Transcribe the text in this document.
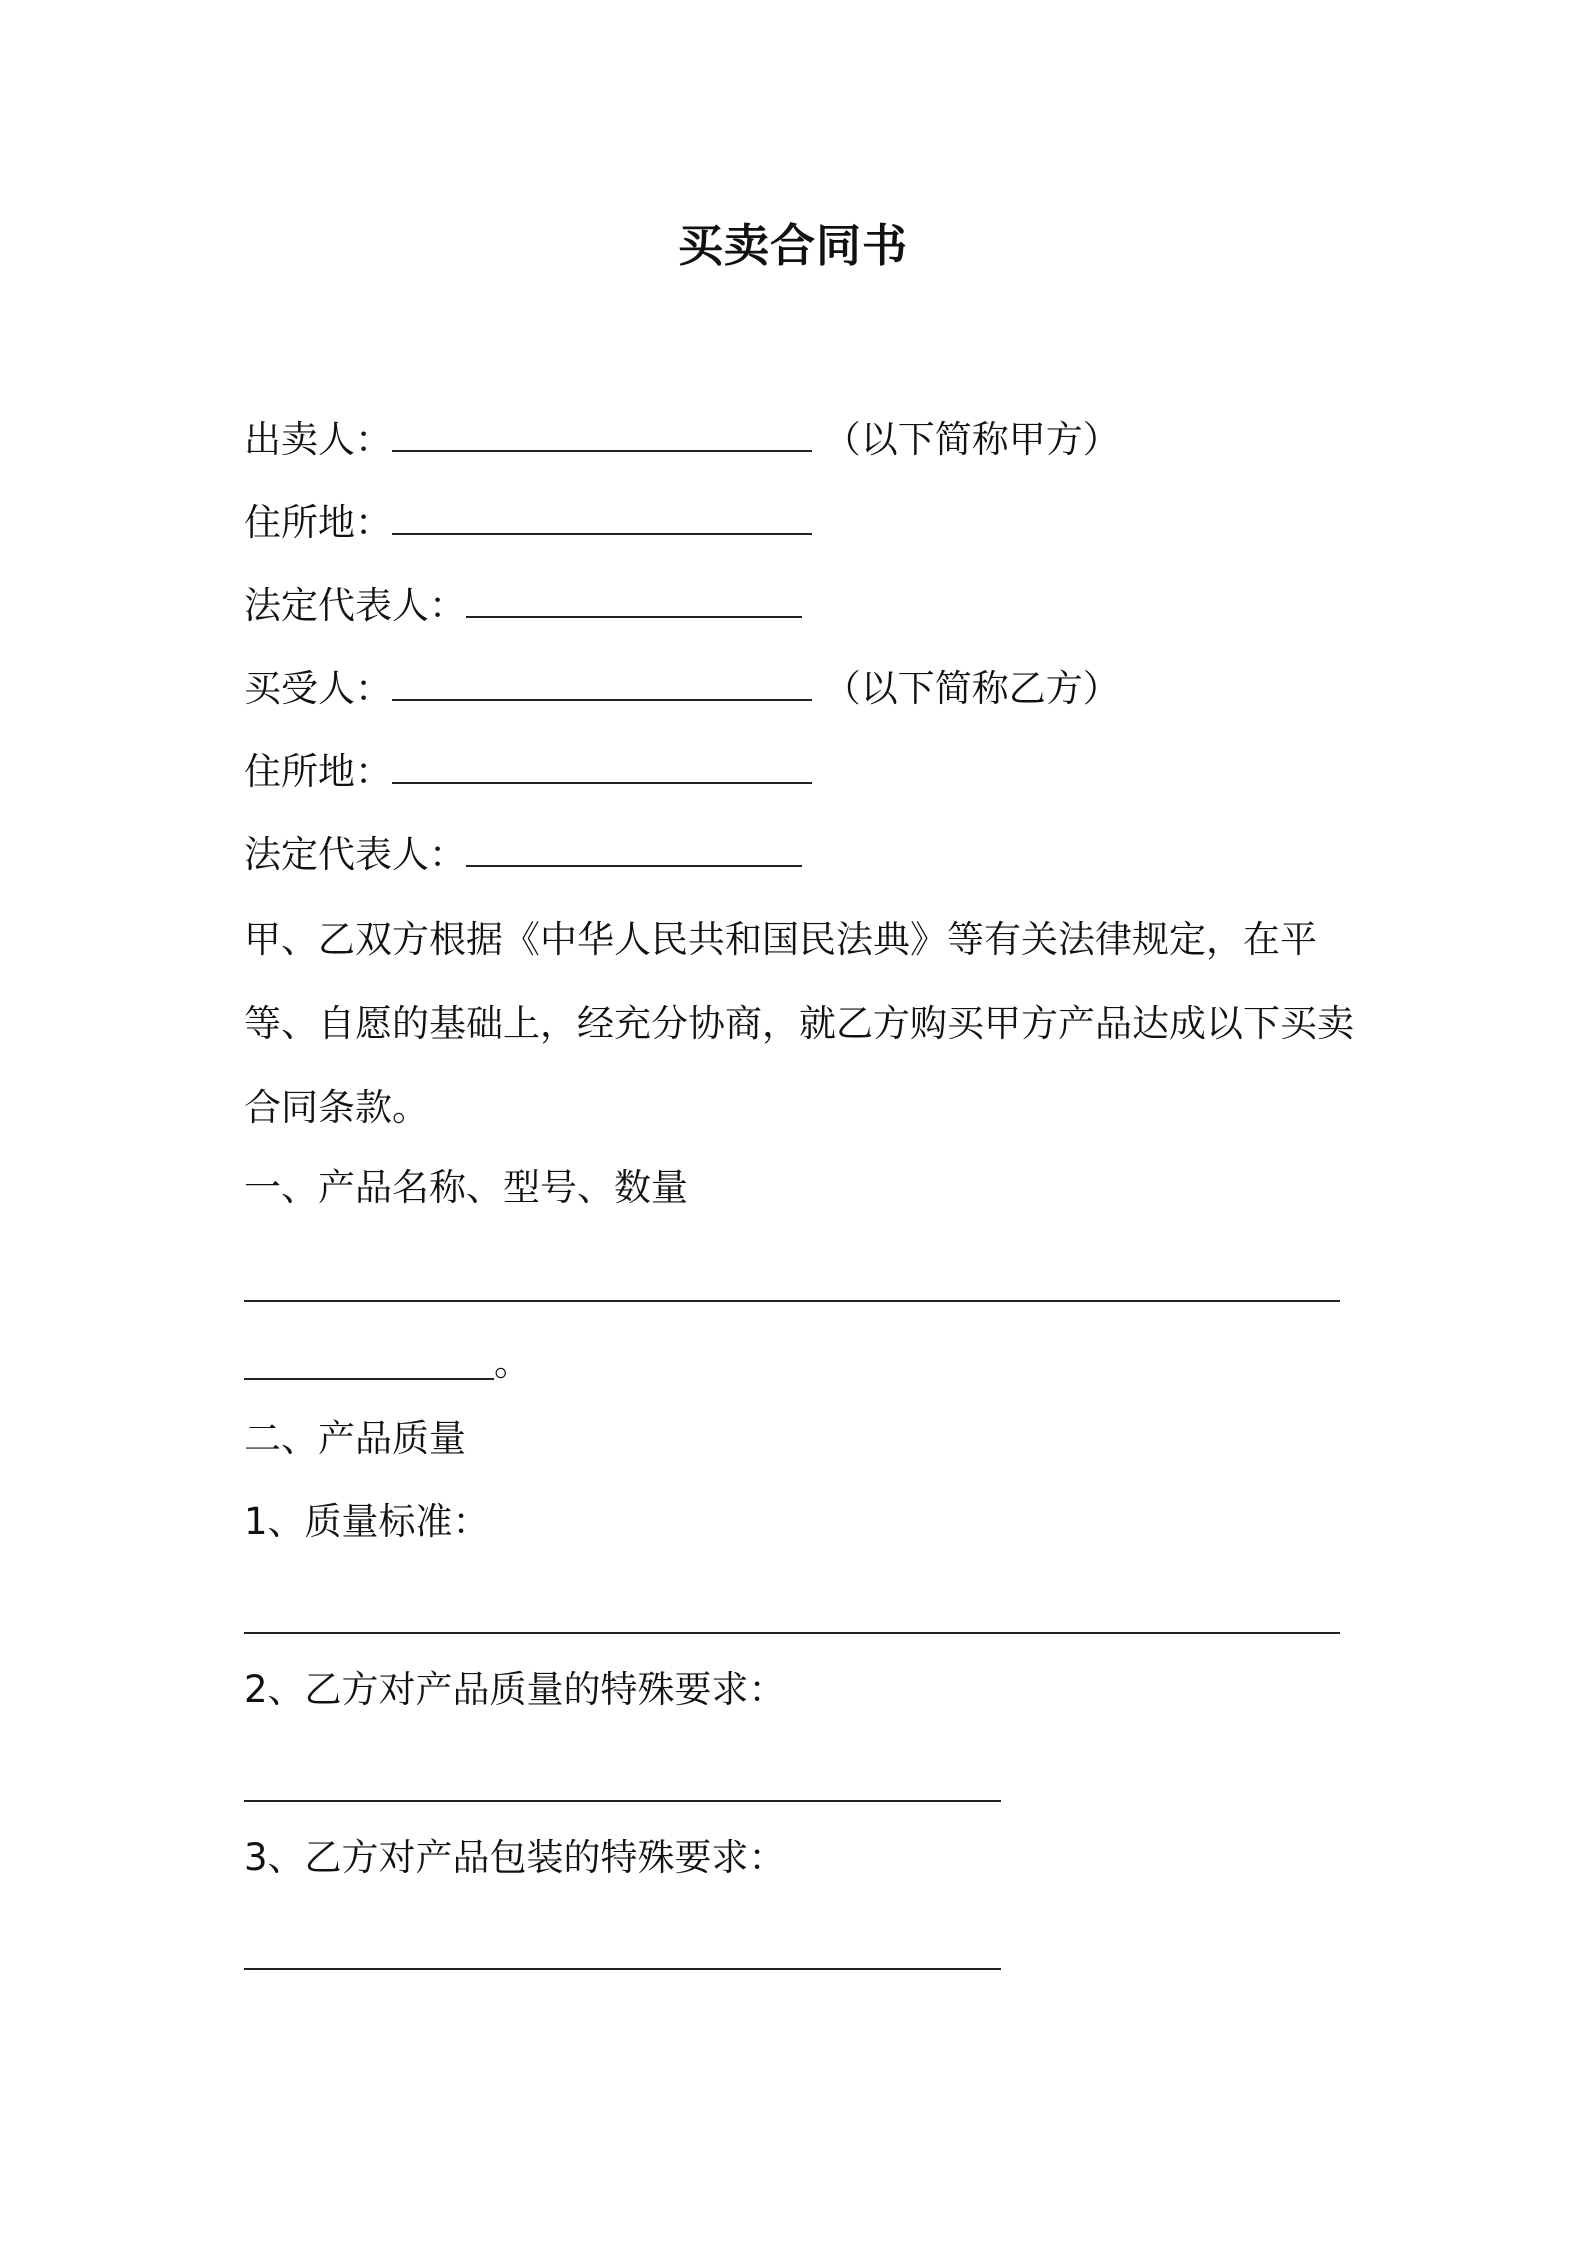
买卖合同书
出卖人：	（以下简称甲方）
住所地：
法定代表人：
买受人：	（以下简称乙方）
住所地：
法定代表人：
甲、乙双方根据《中华人民共和国民法典》等有关法律规定，在平等、自愿的基础上，经充分协商，就乙方购买甲方产品达成以下买卖合同条款。
一、产品名称、型号、数量
。
二、产品质量
1、质量标准：
2、乙方对产品质量的特殊要求：
3、乙方对产品包装的特殊要求：
